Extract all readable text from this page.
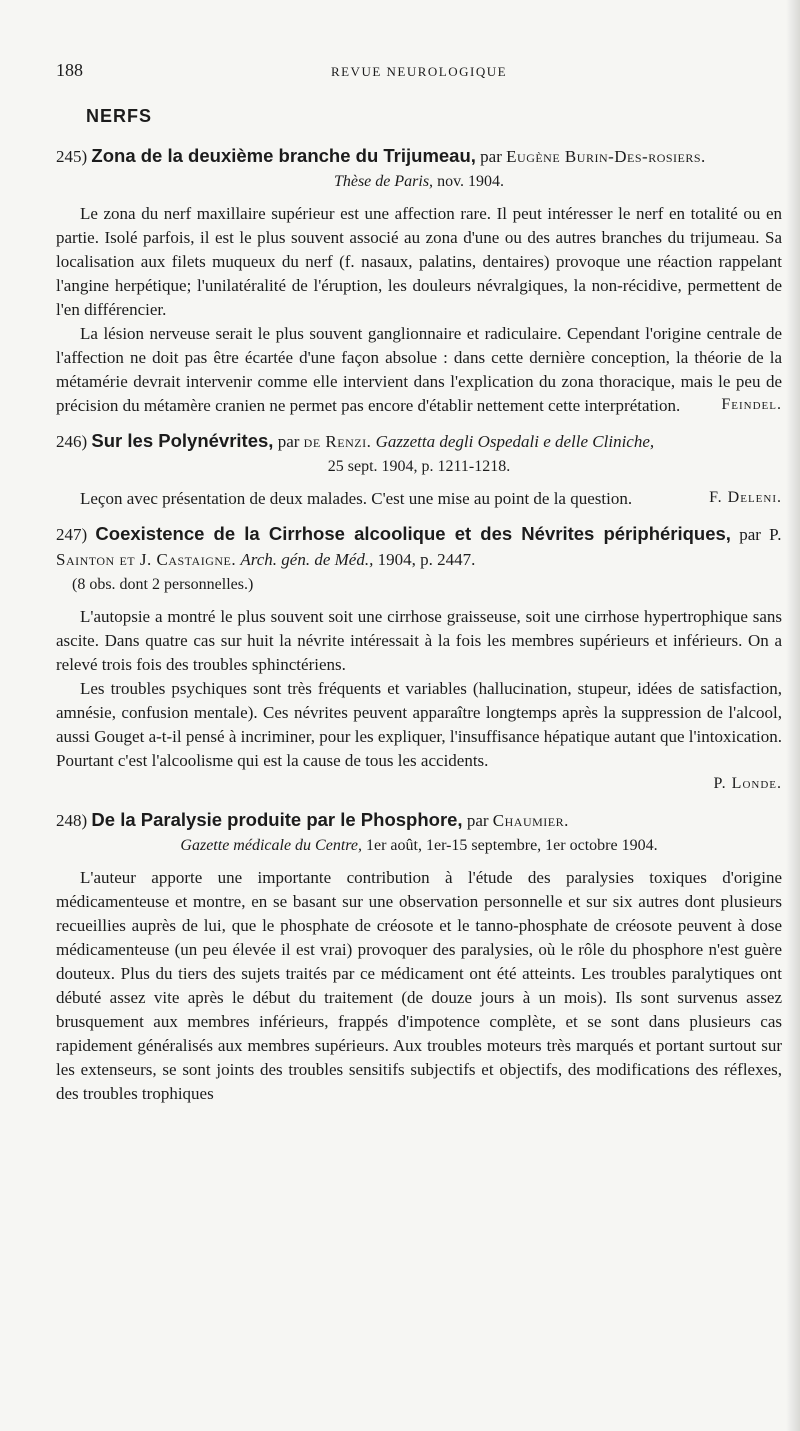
188	REVUE NEUROLOGIQUE
NERFS

245) Zona de la deuxième branche du Trijumeau, par Eugène Burin-Des-rosiers.
Thèse de Paris, nov. 1904.

Le zona du nerf maxillaire supérieur est une affection rare. Il peut intéresser le nerf en totalité ou en partie. Isolé parfois, il est le plus souvent associé au zona d'une ou des autres branches du trijumeau. Sa localisation aux filets muqueux du nerf (f. nasaux, palatins, dentaires) provoque une réaction rappelant l'angine herpétique; l'unilatéralité de l'éruption, les douleurs névralgiques, la non-récidive, permettent de l'en différencier.

La lésion nerveuse serait le plus souvent ganglionnaire et radiculaire. Cependant l'origine centrale de l'affection ne doit pas être écartée d'une façon absolue : dans cette dernière conception, la théorie de la métamérie devrait intervenir comme elle intervient dans l'explication du zona thoracique, mais le peu de précision du métamère cranien ne permet pas encore d'établir nettement cette interprétation.	Feindel.

246) Sur les Polynévrites, par de Renzi. Gazzetta degli Ospedali e delle Cliniche,
25 sept. 1904, p. 1211-1218.

Leçon avec présentation de deux malades. C'est une mise au point de la question.	F. Deleni.

247) Coexistence de la Cirrhose alcoolique et des Névrites périphériques, par P. Sainton et J. Castaigne. Arch. gén. de Méd., 1904, p. 2447.
(8 obs. dont 2 personnelles.)

L'autopsie a montré le plus souvent soit une cirrhose graisseuse, soit une cirrhose hypertrophique sans ascite. Dans quatre cas sur huit la névrite intéressait à la fois les membres supérieurs et inférieurs. On a relevé trois fois des troubles sphinctériens.

Les troubles psychiques sont très fréquents et variables (hallucination, stupeur, idées de satisfaction, amnésie, confusion mentale). Ces névrites peuvent apparaître longtemps après la suppression de l'alcool, aussi Gouget a-t-il pensé à incriminer, pour les expliquer, l'insuffisance hépatique autant que l'intoxication. Pourtant c'est l'alcoolisme qui est la cause de tous les accidents.

P. Londe.

248) De la Paralysie produite par le Phosphore, par Chaumier.
Gazette médicale du Centre, 1er août, 1er-15 septembre, 1er octobre 1904.

L'auteur apporte une importante contribution à l'étude des paralysies toxiques d'origine médicamenteuse et montre, en se basant sur une observation personnelle et sur six autres dont plusieurs recueillies auprès de lui, que le phosphate de créosote et le tanno-phosphate de créosote peuvent à dose médicamenteuse (un peu élevée il est vrai) provoquer des paralysies, où le rôle du phosphore n'est guère douteux. Plus du tiers des sujets traités par ce médicament ont été atteints. Les troubles paralytiques ont débuté assez vite après le début du traitement (de douze jours à un mois). Ils sont survenus assez brusquement aux membres inférieurs, frappés d'impotence complète, et se sont dans plusieurs cas rapidement généralisés aux membres supérieurs. Aux troubles moteurs très marqués et portant surtout sur les extenseurs, se sont joints des troubles sensitifs subjectifs et objectifs, des modifications des réflexes, des troubles trophiques
